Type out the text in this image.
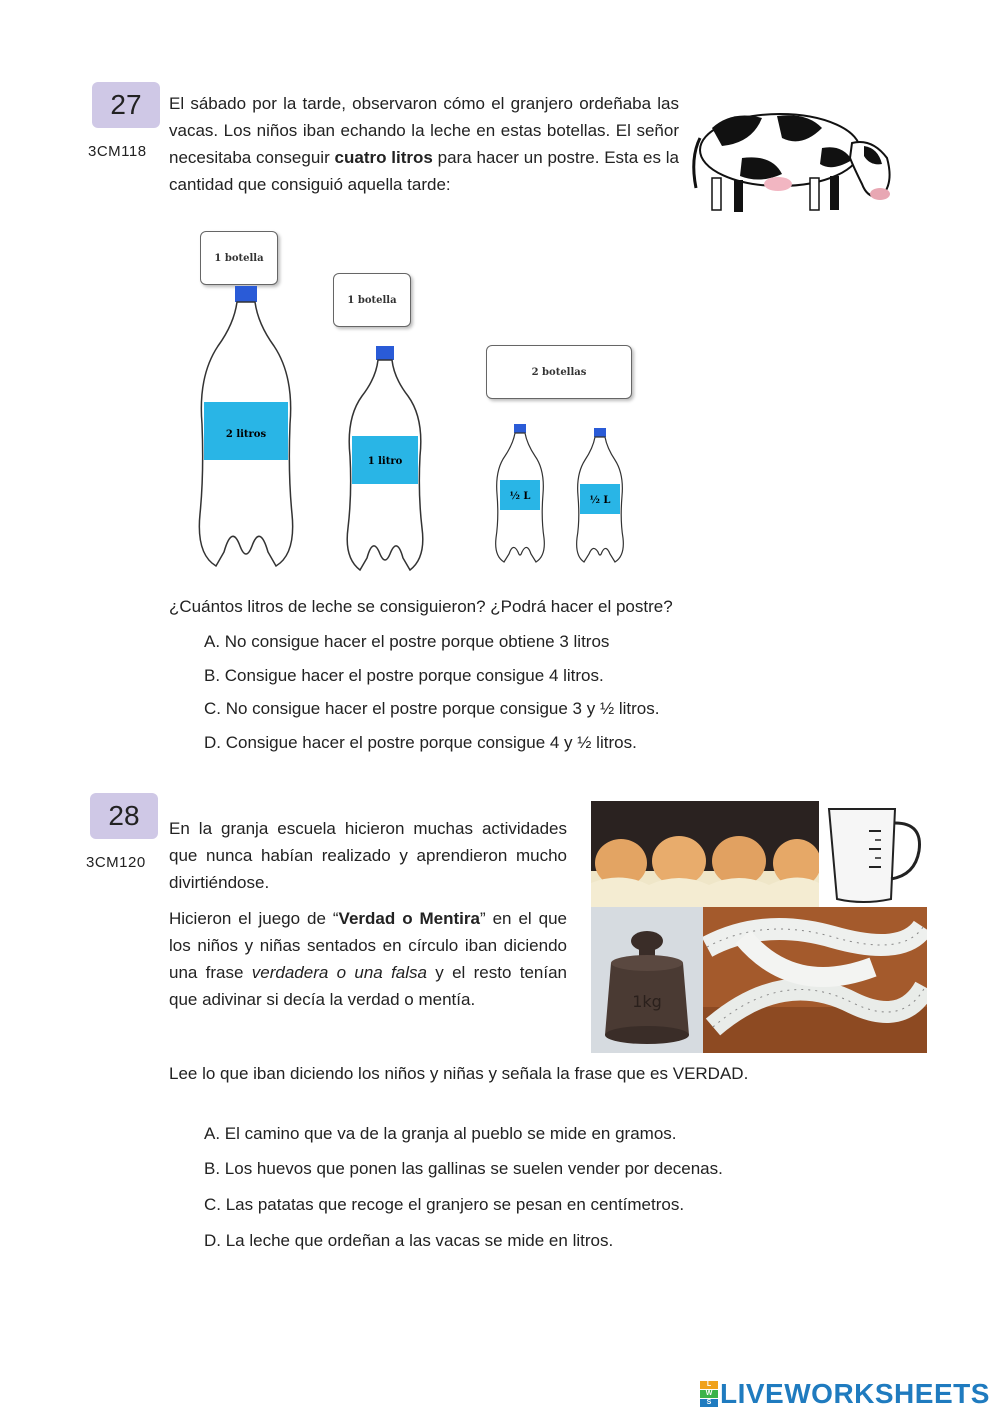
27
3CM118
El sábado por la tarde, observaron cómo el granjero ordeñaba las vacas. Los niños iban echando la leche en estas botellas. El señor necesitaba conseguir cuatro litros para hacer un postre. Esta es la cantidad que consiguió aquella tarde:
1 botella
1 botella
2 botellas
2 litros
1 litro
½ L	½ L
¿Cuántos litros de leche se consiguieron? ¿Podrá hacer el postre?
A. No consigue hacer el postre porque obtiene 3 litros
B. Consigue hacer el postre porque consigue 4 litros.
C. No consigue hacer el postre porque consigue 3 y ½ litros.
D. Consigue hacer el postre porque consigue 4 y ½ litros.
28
3CM120
En la granja escuela hicieron muchas actividades que nunca habían realizado y aprendieron mucho divirtiéndose.
Hicieron el juego de “Verdad o Mentira” en el que los niños y niñas sentados en círculo iban diciendo una frase verdadera o una falsa y el resto tenían que adivinar si decía la verdad o mentía.	1kg
Lee lo que iban diciendo los niños y niñas y señala la frase que es VERDAD.
A. El camino que va de la granja al pueblo se mide en gramos.
B. Los huevos que ponen las gallinas se suelen vender por decenas.
C. Las patatas que recoge el granjero se pesan en centímetros.
D. La leche que ordeñan a las vacas se mide en litros.
L
W
S LIVEWORKSHEETS
